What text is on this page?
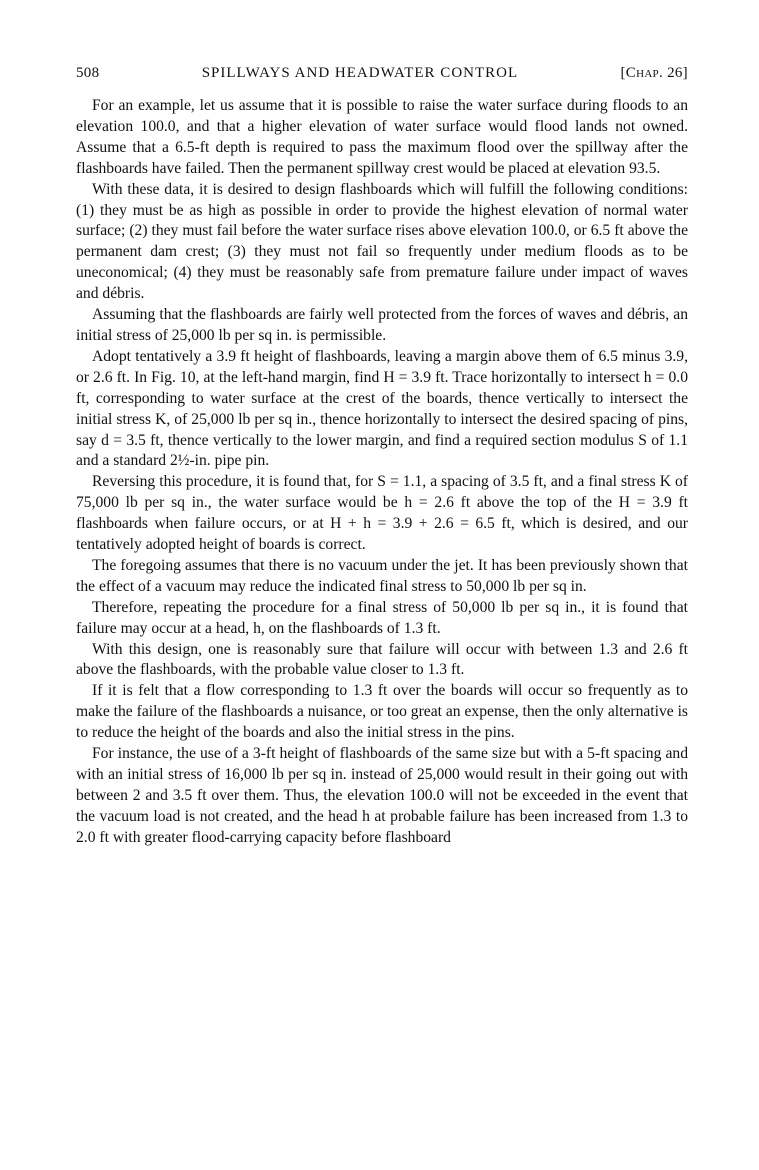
508	SPILLWAYS AND HEADWATER CONTROL	[Chap. 26]

For an example, let us assume that it is possible to raise the water surface during floods to an elevation 100.0, and that a higher elevation of water surface would flood lands not owned. Assume that a 6.5-ft depth is required to pass the maximum flood over the spillway after the flashboards have failed. Then the permanent spillway crest would be placed at elevation 93.5.

With these data, it is desired to design flashboards which will fulfill the following conditions: (1) they must be as high as possible in order to provide the highest elevation of normal water surface; (2) they must fail before the water surface rises above elevation 100.0, or 6.5 ft above the permanent dam crest; (3) they must not fail so frequently under medium floods as to be uneconomical; (4) they must be reasonably safe from premature failure under impact of waves and débris.

Assuming that the flashboards are fairly well protected from the forces of waves and débris, an initial stress of 25,000 lb per sq in. is permissible.

Adopt tentatively a 3.9 ft height of flashboards, leaving a margin above them of 6.5 minus 3.9, or 2.6 ft. In Fig. 10, at the left-hand margin, find H = 3.9 ft. Trace horizontally to intersect h = 0.0 ft, corresponding to water surface at the crest of the boards, thence vertically to intersect the initial stress K, of 25,000 lb per sq in., thence horizontally to intersect the desired spacing of pins, say d = 3.5 ft, thence vertically to the lower margin, and find a required section modulus S of 1.1 and a standard 2½-in. pipe pin.

Reversing this procedure, it is found that, for S = 1.1, a spacing of 3.5 ft, and a final stress K of 75,000 lb per sq in., the water surface would be h = 2.6 ft above the top of the H = 3.9 ft flashboards when failure occurs, or at H + h = 3.9 + 2.6 = 6.5 ft, which is desired, and our tentatively adopted height of boards is correct.

The foregoing assumes that there is no vacuum under the jet. It has been previously shown that the effect of a vacuum may reduce the indicated final stress to 50,000 lb per sq in.

Therefore, repeating the procedure for a final stress of 50,000 lb per sq in., it is found that failure may occur at a head, h, on the flashboards of 1.3 ft.

With this design, one is reasonably sure that failure will occur with between 1.3 and 2.6 ft above the flashboards, with the probable value closer to 1.3 ft.

If it is felt that a flow corresponding to 1.3 ft over the boards will occur so frequently as to make the failure of the flashboards a nuisance, or too great an expense, then the only alternative is to reduce the height of the boards and also the initial stress in the pins.

For instance, the use of a 3-ft height of flashboards of the same size but with a 5-ft spacing and with an initial stress of 16,000 lb per sq in. instead of 25,000 would result in their going out with between 2 and 3.5 ft over them. Thus, the elevation 100.0 will not be exceeded in the event that the vacuum load is not created, and the head h at probable failure has been increased from 1.3 to 2.0 ft with greater flood-carrying capacity before flashboard
